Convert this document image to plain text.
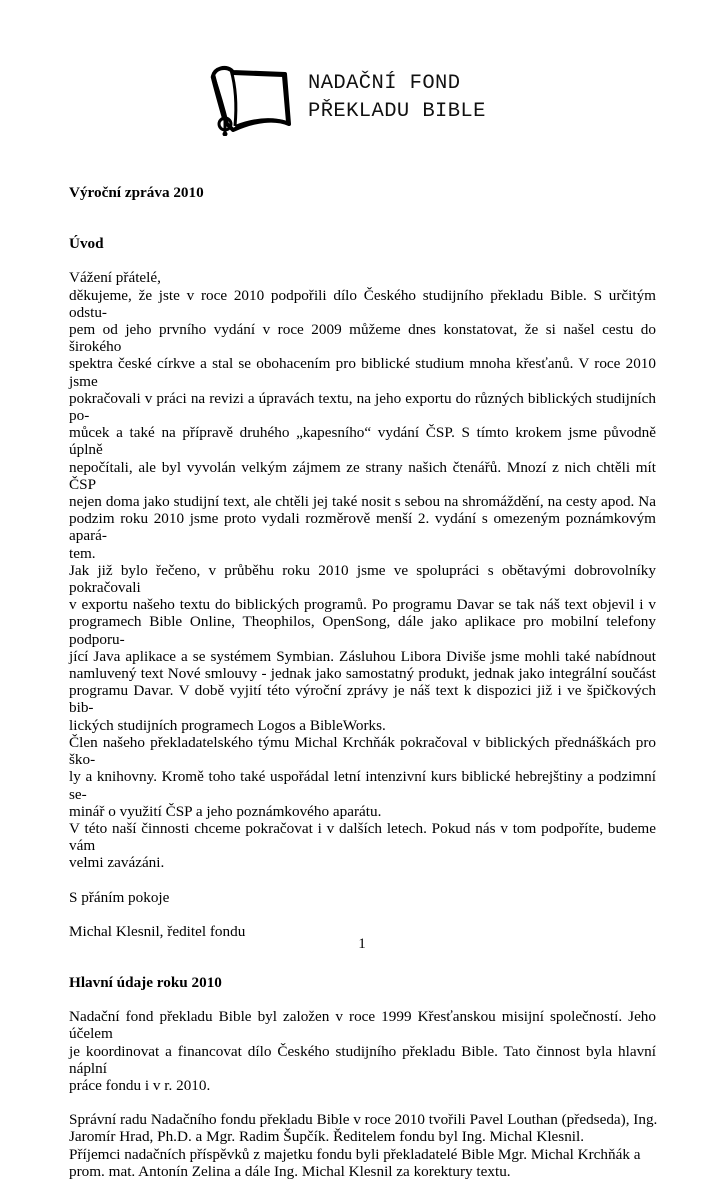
NADAČNÍ FOND
PŘEKLADU BIBLE

Výroční zpráva 2010

Úvod

Vážení přátelé,

děkujeme, že jste v roce 2010 podpořili dílo Českého studijního překladu Bible. S určitým odstu-
pem od jeho prvního vydání v roce 2009 můžeme dnes konstatovat, že si našel cestu do širokého
spektra české církve a stal se obohacením pro biblické studium mnoha křesťanů. V roce 2010 jsme
pokračovali v práci na revizi a úpravách textu, na jeho exportu do různých biblických studijních po-
můcek a také na přípravě druhého „kapesního“ vydání ČSP. S tímto krokem jsme původně úplně
nepočítali, ale byl vyvolán velkým zájmem ze strany našich čtenářů. Mnozí z nich chtěli mít ČSP
nejen doma jako studijní text, ale chtěli jej také nosit s sebou na shromáždění, na cesty apod. Na
podzim roku 2010 jsme proto vydali rozměrově menší 2. vydání s omezeným poznámkovým apará-
tem.
Jak již bylo řečeno, v průběhu roku 2010 jsme ve spolupráci s obětavými dobrovolníky pokračovali
v exportu našeho textu do biblických programů. Po programu Davar se tak náš text objevil i v
programech Bible Online, Theophilos, OpenSong, dále jako aplikace pro mobilní telefony podporu-
jící Java aplikace a se systémem Symbian. Zásluhou Libora Diviše jsme mohli také nabídnout
namluvený text Nové smlouvy - jednak jako samostatný produkt, jednak jako integrální součást
programu Davar. V době vyjití této výroční zprávy je náš text k dispozici již i ve špičkových bib-
lických studijních programech Logos a BibleWorks.
Člen našeho překladatelského týmu Michal Krchňák pokračoval v biblických přednáškách pro ško-
ly a knihovny. Kromě toho také uspořádal letní intenzivní kurs biblické hebrejštiny a podzimní se-
minář o využití ČSP a jeho poznámkového aparátu.
V této naší činnosti chceme pokračovat i v dalších letech. Pokud nás v tom podpoříte, budeme vám
velmi zavázáni.

S přáním pokoje

Michal Klesnil, ředitel fondu

Hlavní údaje roku 2010

Nadační fond překladu Bible byl založen v roce 1999 Křesťanskou misijní společností. Jeho účelem
je koordinovat a financovat dílo Českého studijního překladu Bible. Tato činnost byla hlavní náplní
práce fondu i v r. 2010.
Správní radu Nadačního fondu překladu Bible v roce 2010 tvořili Pavel Louthan (předseda), Ing.
Jaromír Hrad, Ph.D. a Mgr. Radim Šupčík. Ředitelem fondu byl Ing. Michal Klesnil.
Příjemci nadačních příspěvků z majetku fondu byli překladatelé Bible Mgr. Michal Krchňák a
prom. mat. Antonín Zelina a dále Ing. Michal Klesnil za korektury textu.
1
